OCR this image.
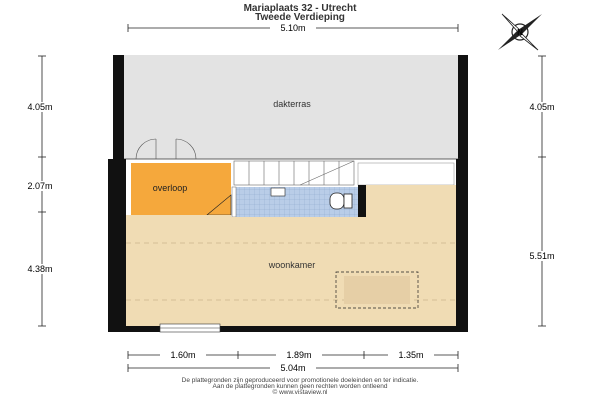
Mariaplaats 32 - Utrecht
Tweede Verdieping
N
5.10m
4.05m
2.07m
4.38m
4.05m
5.51m
dakterras
overloop
woonkamer
1.60m	1.89m	1.35m
5.04m
De plattegronden zijn geproduceerd voor promotionele doeleinden en ter indicatie.
Aan de plattegronden kunnen geen rechten worden ontleend
© www.vistaview.nl
